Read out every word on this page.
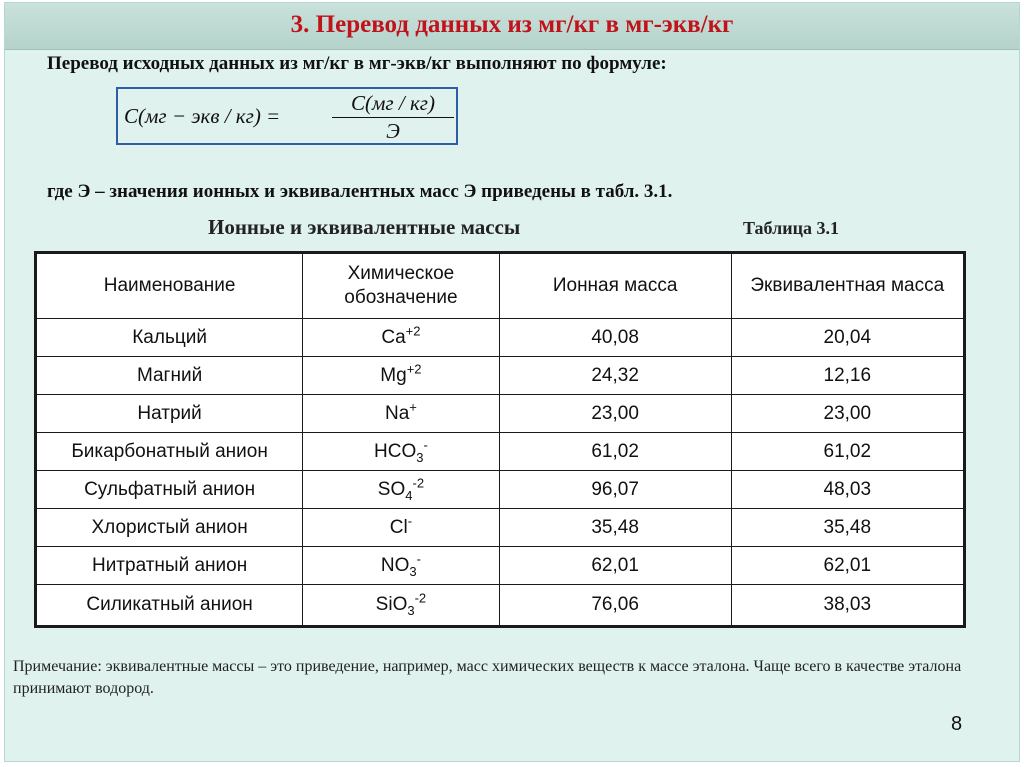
3. Перевод данных из мг/кг в мг-экв/кг
Перевод исходных данных из мг/кг в мг-экв/кг выполняют по формуле:
C(мг − экв / кг) =
C(мг / кг)
Э
где Э – значения ионных и эквивалентных масс Э приведены в табл. 3.1.
Ионные и эквивалентные массы	Таблица 3.1
Примечание: эквивалентные массы – это приведение, например, масс химических веществ к массе эталона. Чаще всего в качестве эталона принимают водород.
8
Наименование	Химическое обозначение	Ионная масса	Эквивалентная масса
Кальций	$Ca^{+2}$	40,08	20,04
Магний	$Mg^{+2}$	24,32	12,16
Натрий	Na+	23,00	23,00
Бикарбонатный анион	$HCO_3^-$	61,02	61,02
Сульфатный анион	$SO_4^{-2}$	96,07	48,03
Хлористый анион	Cl-	35,48	35,48
Нитратный анион	$NO_3^-$	62,01	62,01
Силикатный анион	SiO$_3^{-2}$	76,06	38,03
